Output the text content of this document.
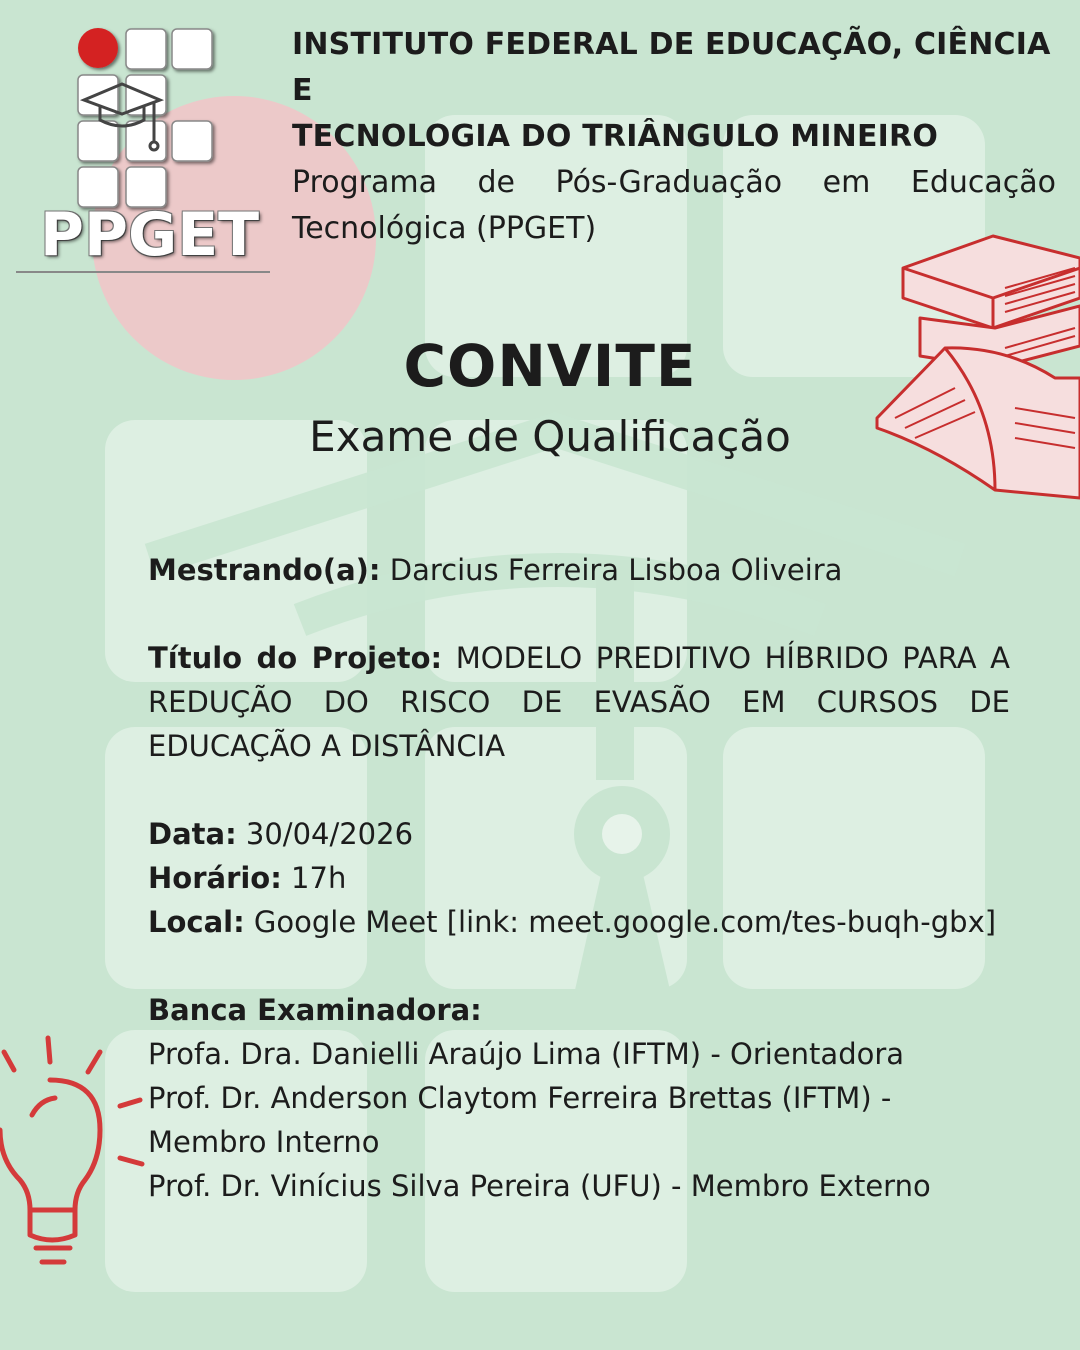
PPGET
INSTITUTO FEDERAL DE EDUCAÇÃO, CIÊNCIA E
TECNOLOGIA DO TRIÂNGULO MINEIRO
Programa de Pós-Graduação em Educação
Tecnológica (PPGET)
CONVITE
Exame de Qualificação
Mestrando(a): Darcius Ferreira Lisboa Oliveira
Título do Projeto: MODELO PREDITIVO HÍBRIDO PARA A REDUÇÃO DO RISCO DE EVASÃO EM CURSOS DE EDUCAÇÃO A DISTÂNCIA
Data: 30/04/2026
Horário: 17h
Local: Google Meet [link: meet.google.com/tes-buqh-gbx]
Banca Examinadora:
Profa. Dra. Danielli Araújo Lima (IFTM) - Orientadora
Prof. Dr. Anderson Claytom Ferreira Brettas (IFTM) -
Membro Interno
Prof. Dr. Vinícius Silva Pereira (UFU) - Membro Externo
